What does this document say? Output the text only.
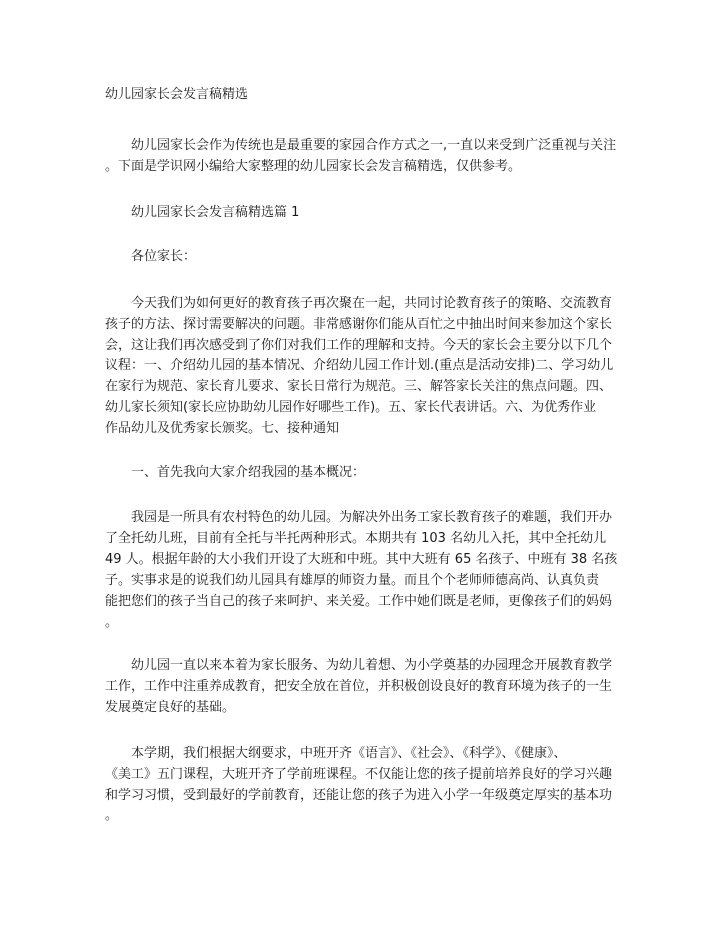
幼儿园家长会发言稿精选
幼儿园家长会作为传统也是最重要的家园合作方式之一,一直以来受到广泛重视与关注
。下面是学识网小编给大家整理的幼儿园家长会发言稿精选，仅供参考。
幼儿园家长会发言稿精选篇 1
各位家长：
今天我们为如何更好的教育孩子再次聚在一起，共同讨论教育孩子的策略、交流教育
孩子的方法、探讨需要解决的问题。非常感谢你们能从百忙之中抽出时间来参加这个家长
会，这让我们再次感受到了你们对我们工作的理解和支持。今天的家长会主要分以下几个
议程：一、介绍幼儿园的基本情况、介绍幼儿园工作计划.(重点是活动安排)二、学习幼儿
在家行为规范、家长育儿要求、家长日常行为规范。三、解答家长关注的焦点问题。四、
幼儿家长须知(家长应协助幼儿园作好哪些工作)。五、家长代表讲话。六、为优秀作业
作品幼儿及优秀家长颁奖。七、接种通知
一、首先我向大家介绍我园的基本概况：
我园是一所具有农村特色的幼儿园。为解决外出务工家长教育孩子的难题，我们开办
了全托幼儿班，目前有全托与半托两种形式。本期共有 103 名幼儿入托，其中全托幼儿
49 人。根据年龄的大小我们开设了大班和中班。其中大班有 65 名孩子、中班有 38 名孩
子。实事求是的说我们幼儿园具有雄厚的师资力量。而且个个老师师德高尚、认真负责
能把您们的孩子当自己的孩子来呵护、来关爱。工作中她们既是老师，更像孩子们的妈妈
。
幼儿园一直以来本着为家长服务、为幼儿着想、为小学奠基的办园理念开展教育教学
工作，工作中注重养成教育，把安全放在首位，并积极创设良好的教育环境为孩子的一生
发展奠定良好的基础。
本学期，我们根据大纲要求，中班开齐《语言》、《社会》、《科学》、《健康》、
《美工》五门课程，大班开齐了学前班课程。不仅能让您的孩子提前培养良好的学习兴趣
和学习习惯，受到最好的学前教育，还能让您的孩子为进入小学一年级奠定厚实的基本功
。
